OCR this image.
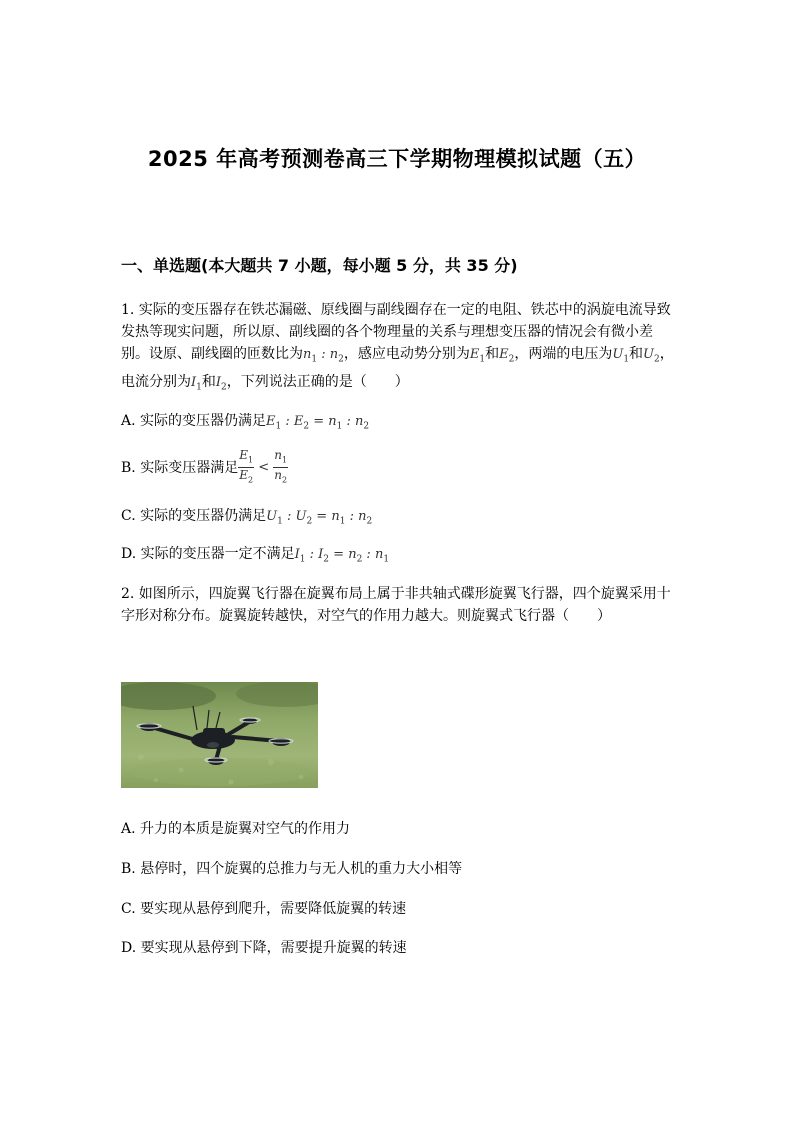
2025 年高考预测卷高三下学期物理模拟试题（五）
一、单选题(本大题共 7 小题，每小题 5 分，共 35 分)
1. 实际的变压器存在铁芯漏磁、原线圈与副线圈存在一定的电阻、铁芯中的涡旋电流导致发热等现实问题，所以原、副线圈的各个物理量的关系与理想变压器的情况会有微小差别。设原、副线圈的匝数比为$n_1$ : $n_2$，感应电动势分别为$E_1$和$E_2$，两端的电压为$U_1$和$U_2$，电流分别为$I_1$和$I_2$，下列说法正确的是（　　）
A. 实际的变压器仍满足$E_1$ : $E_2 = n_1$ : $n_2$
B. 实际变压器满足 $\frac{E_1}{E_2} < \frac{n_1}{n_2}$
C. 实际的变压器仍满足$U_1$ : $U_2 = n_1$ : $n_2$
D. 实际的变压器一定不满足$I_1$ : $I_2 = n_2$ : $n_1$
2. 如图所示，四旋翼飞行器在旋翼布局上属于非共轴式碟形旋翼飞行器，四个旋翼采用十字形对称分布。旋翼旋转越快，对空气的作用力越大。则旋翼式飞行器（　　）
A. 升力的本质是旋翼对空气的作用力
B. 悬停时，四个旋翼的总推力与无人机的重力大小相等
C. 要实现从悬停到爬升，需要降低旋翼的转速
D. 要实现从悬停到下降，需要提升旋翼的转速
